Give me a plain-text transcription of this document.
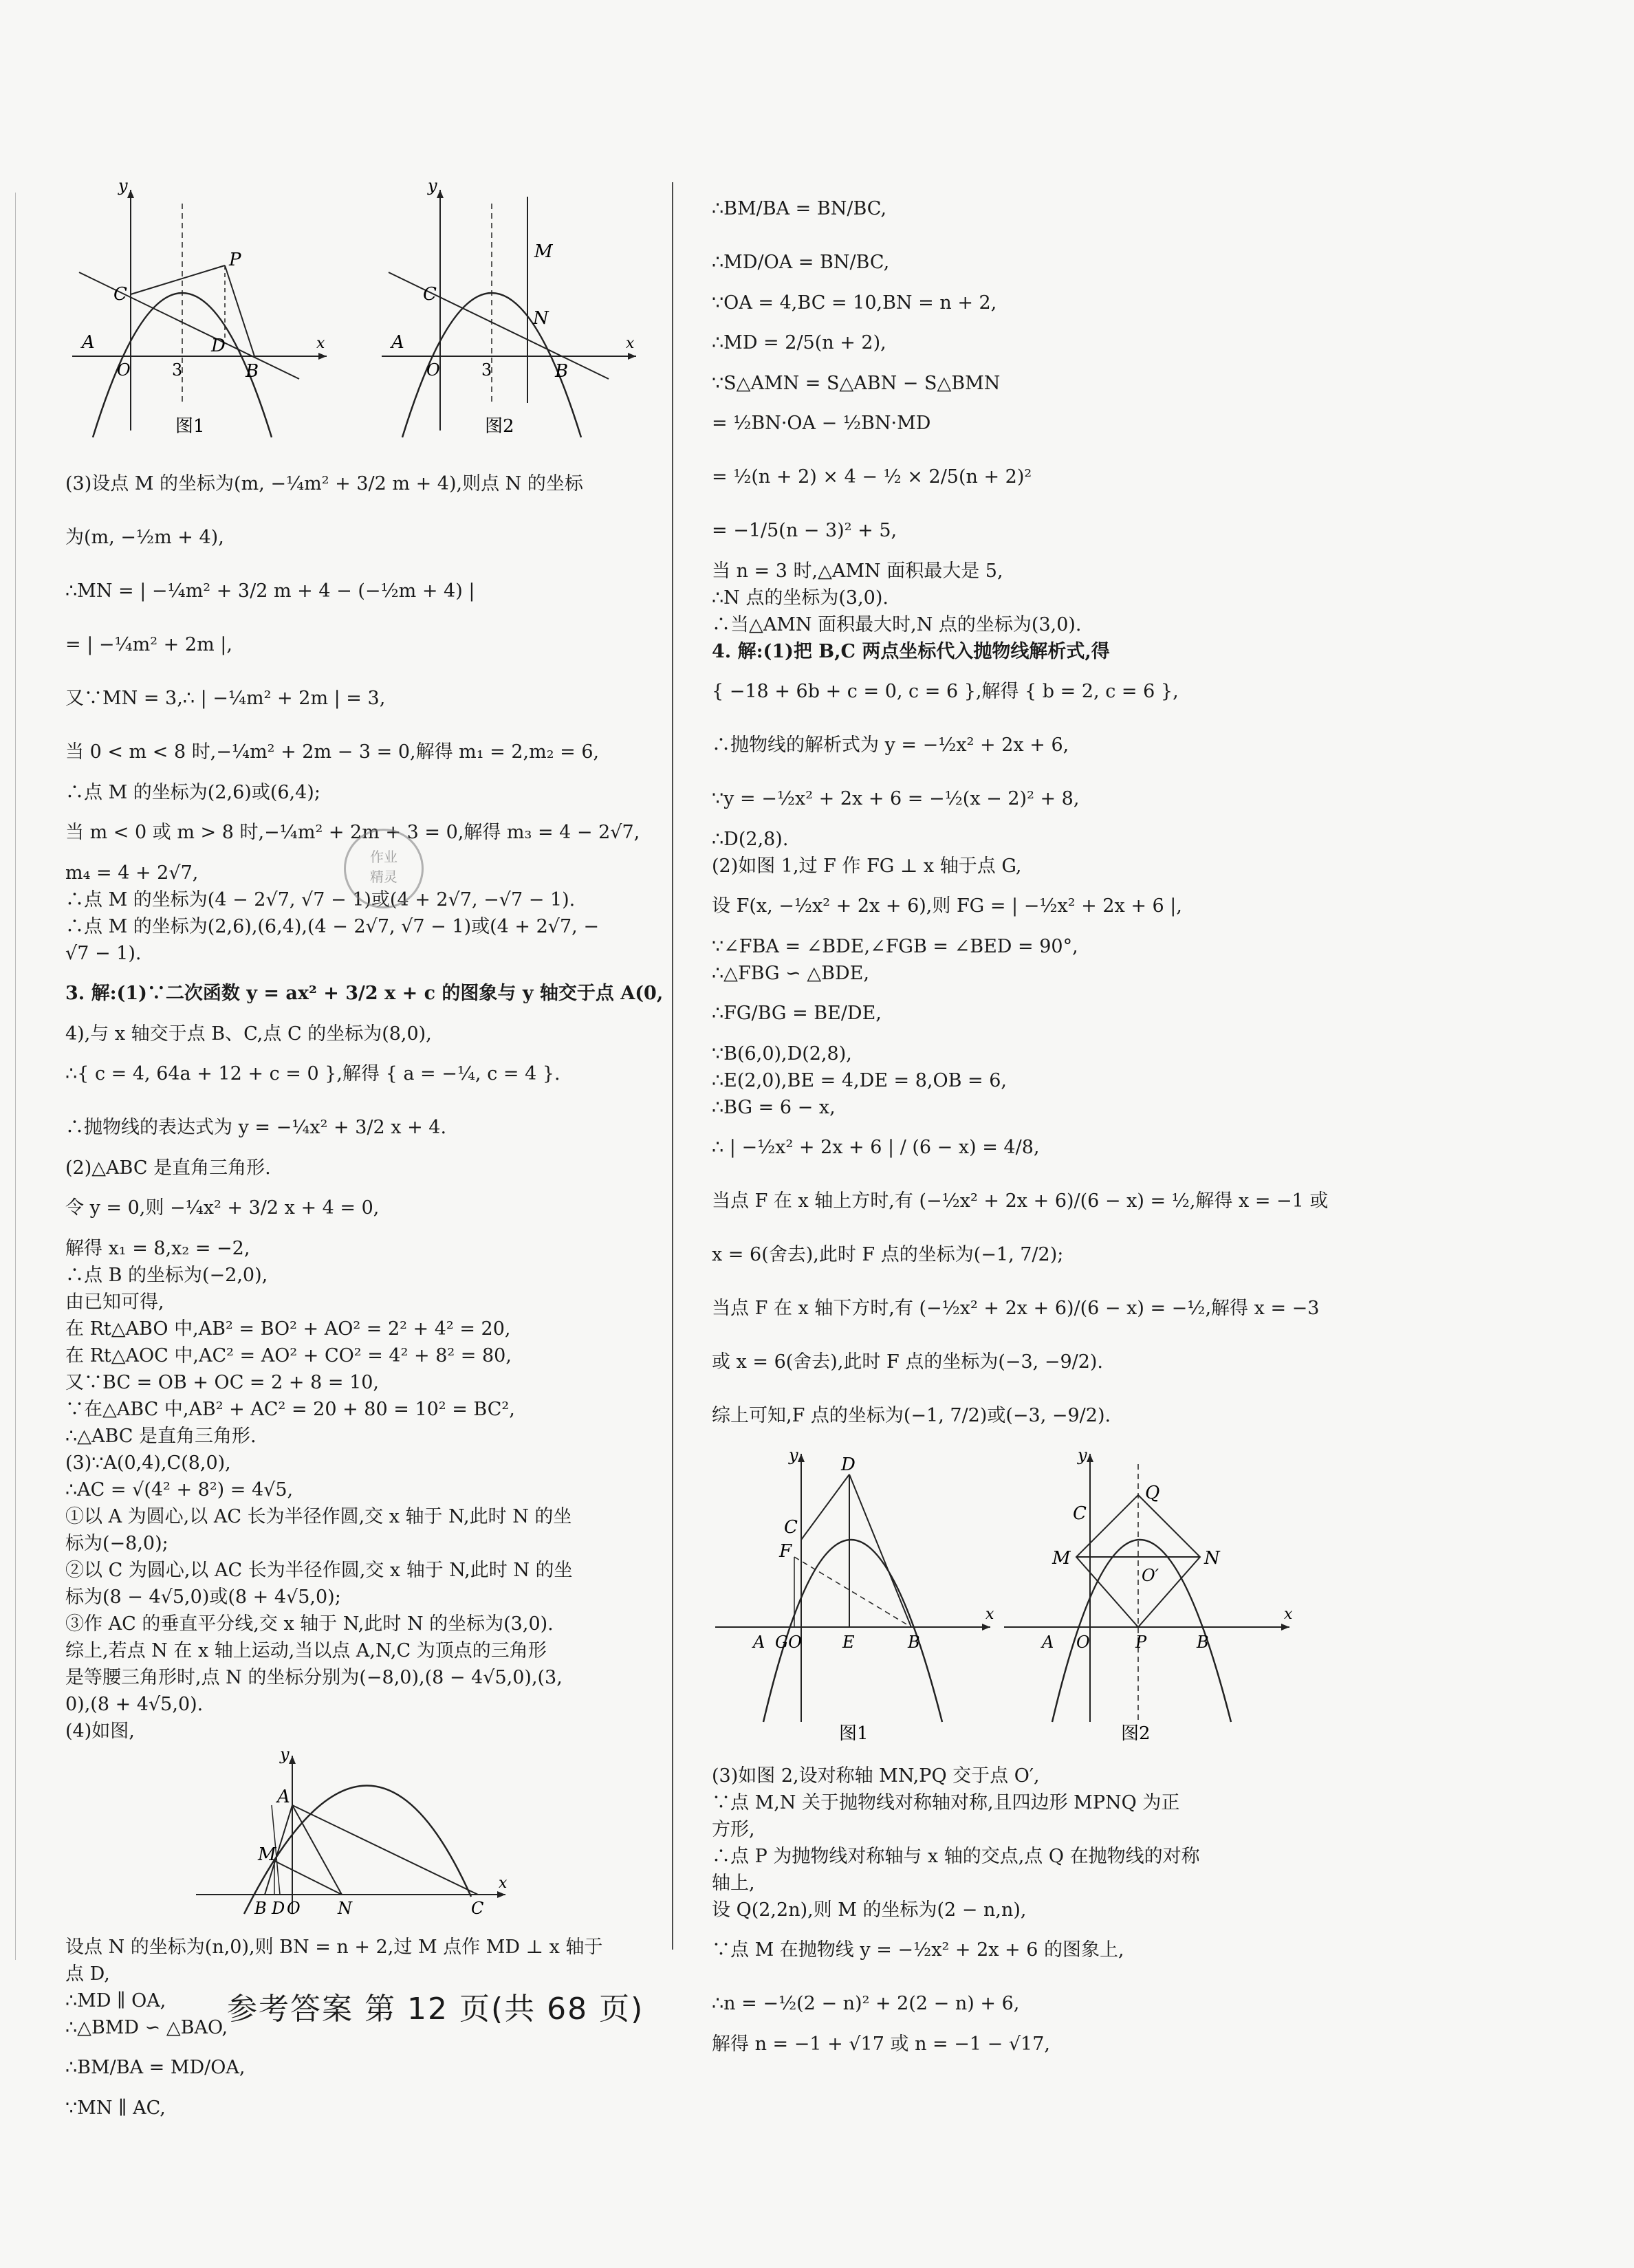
y
x
C
P
A
O	3
D
B
图1
y
x
C
M
N
A
O	3	B
图2
(3)设点 M 的坐标为(m, −¼m² + 3/2 m + 4),则点 N 的坐标
为(m, −½m + 4),
∴MN = | −¼m² + 3/2 m + 4 − (−½m + 4) |
= | −¼m² + 2m |,
又∵MN = 3,∴ | −¼m² + 2m | = 3,
当 0 < m < 8 时,−¼m² + 2m − 3 = 0,解得 m₁ = 2,m₂ = 6,
∴点 M 的坐标为(2,6)或(6,4);
当 m < 0 或 m > 8 时,−¼m² + 2m + 3 = 0,解得 m₃ = 4 − 2√7,
m₄ = 4 + 2√7,
∴点 M 的坐标为(4 − 2√7, √7 − 1)或(4 + 2√7, −√7 − 1).
∴点 M 的坐标为(2,6),(6,4),(4 − 2√7, √7 − 1)或(4 + 2√7, −
√7 − 1).
3. 解:(1)∵二次函数 y = ax² + 3/2 x + c 的图象与 y 轴交于点 A(0,
4),与 x 轴交于点 B、C,点 C 的坐标为(8,0),
∴{ c = 4, 64a + 12 + c = 0 },解得 { a = −¼, c = 4 }.
∴抛物线的表达式为 y = −¼x² + 3/2 x + 4.
(2)△ABC 是直角三角形.
令 y = 0,则 −¼x² + 3/2 x + 4 = 0,
解得 x₁ = 8,x₂ = −2,
∴点 B 的坐标为(−2,0),
由已知可得,
在 Rt△ABO 中,AB² = BO² + AO² = 2² + 4² = 20,
在 Rt△AOC 中,AC² = AO² + CO² = 4² + 8² = 80,
又∵BC = OB + OC = 2 + 8 = 10,
∵在△ABC 中,AB² + AC² = 20 + 80 = 10² = BC²,
∴△ABC 是直角三角形.
(3)∵A(0,4),C(8,0),
∴AC = √(4² + 8²) = 4√5,
①以 A 为圆心,以 AC 长为半径作圆,交 x 轴于 N,此时 N 的坐
标为(−8,0);
②以 C 为圆心,以 AC 长为半径作圆,交 x 轴于 N,此时 N 的坐
标为(8 − 4√5,0)或(8 + 4√5,0);
③作 AC 的垂直平分线,交 x 轴于 N,此时 N 的坐标为(3,0).
综上,若点 N 在 x 轴上运动,当以点 A,N,C 为顶点的三角形
是等腰三角形时,点 N 的坐标分别为(−8,0),(8 − 4√5,0),(3,
0),(8 + 4√5,0).
(4)如图,
y
A
M
B D O N	C
x
设点 N 的坐标为(n,0),则 BN = n + 2,过 M 点作 MD ⊥ x 轴于
点 D,
∴MD ∥ OA,
∴△BMD ∽ △BAO,
∴BM/BA = MD/OA,
∵MN ∥ AC,
∴BM/BA = BN/BC,
∴MD/OA = BN/BC,
∵OA = 4,BC = 10,BN = n + 2,
∴MD = 2/5(n + 2),
∵S△AMN = S△ABN − S△BMN
= ½BN·OA − ½BN·MD
= ½(n + 2) × 4 − ½ × 2/5(n + 2)²
= −1/5(n − 3)² + 5,
当 n = 3 时,△AMN 面积最大是 5,
∴N 点的坐标为(3,0).
∴当△AMN 面积最大时,N 点的坐标为(3,0).
4. 解:(1)把 B,C 两点坐标代入抛物线解析式,得
{ −18 + 6b + c = 0, c = 6 },解得 { b = 2, c = 6 },
∴抛物线的解析式为 y = −½x² + 2x + 6,
∵y = −½x² + 2x + 6 = −½(x − 2)² + 8,
∴D(2,8).
(2)如图 1,过 F 作 FG ⊥ x 轴于点 G,
设 F(x, −½x² + 2x + 6),则 FG = | −½x² + 2x + 6 |,
∵∠FBA = ∠BDE,∠FGB = ∠BED = 90°,
∴△FBG ∽ △BDE,
∴FG/BG = BE/DE,
∵B(6,0),D(2,8),
∴E(2,0),BE = 4,DE = 8,OB = 6,
∴BG = 6 − x,
∴ | −½x² + 2x + 6 | / (6 − x) = 4/8,
当点 F 在 x 轴上方时,有 (−½x² + 2x + 6)/(6 − x) = ½,解得 x = −1 或
x = 6(舍去),此时 F 点的坐标为(−1, 7/2);
当点 F 在 x 轴下方时,有 (−½x² + 2x + 6)/(6 − x) = −½,解得 x = −3
或 x = 6(舍去),此时 F 点的坐标为(−3, −9/2).
综上可知,F 点的坐标为(−1, 7/2)或(−3, −9/2).
y D
C
F
A GO E	B
x
图1
y
Q
C
M	N
O′
A O	P	B
x
图2
(3)如图 2,设对称轴 MN,PQ 交于点 O′,
∵点 M,N 关于抛物线对称轴对称,且四边形 MPNQ 为正
方形,
∴点 P 为抛物线对称轴与 x 轴的交点,点 Q 在抛物线的对称
轴上,
设 Q(2,2n),则 M 的坐标为(2 − n,n),
∵点 M 在抛物线 y = −½x² + 2x + 6 的图象上,
∴n = −½(2 − n)² + 2(2 − n) + 6,
解得 n = −1 + √17 或 n = −1 − √17,
作业
精灵
参考答案 第 12 页(共 68 页)
